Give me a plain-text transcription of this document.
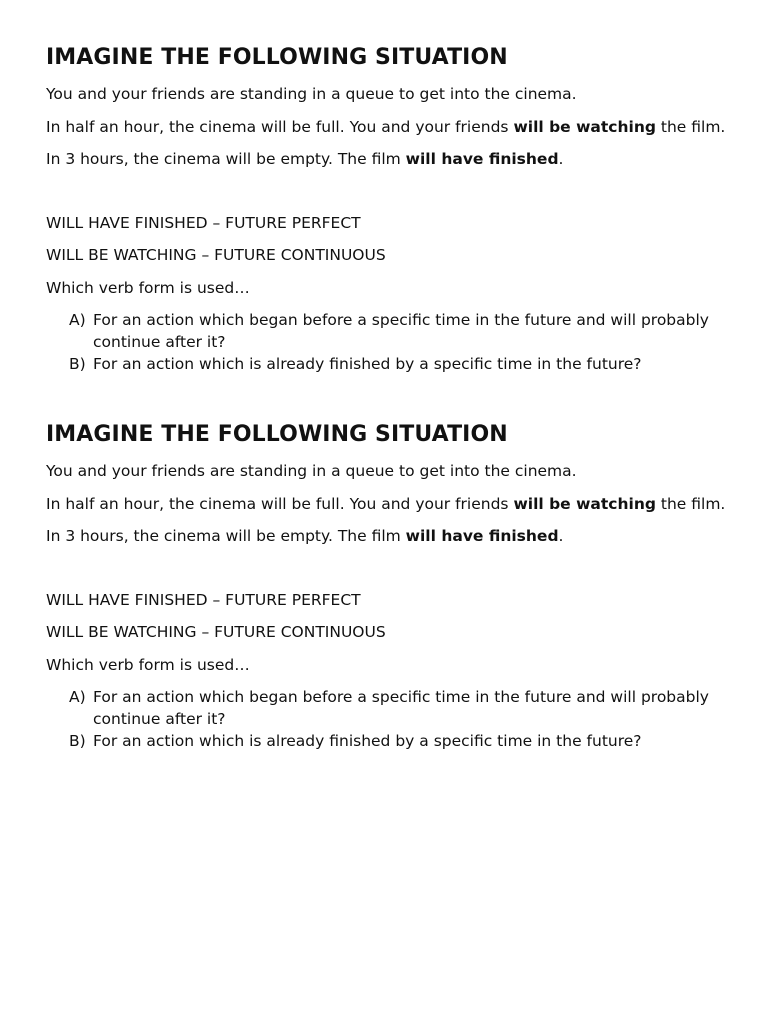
IMAGINE THE FOLLOWING SITUATION

You and your friends are standing in a queue to get into the cinema.

In half an hour, the cinema will be full. You and your friends will be watching the film.

In 3 hours, the cinema will be empty. The film will have finished.

WILL HAVE FINISHED – FUTURE PERFECT

WILL BE WATCHING – FUTURE CONTINUOUS

Which verb form is used…

A) For an action which began before a specific time in the future and will probably continue after it?
B) For an action which is already finished by a specific time in the future?
IMAGINE THE FOLLOWING SITUATION

You and your friends are standing in a queue to get into the cinema.

In half an hour, the cinema will be full. You and your friends will be watching the film.

In 3 hours, the cinema will be empty. The film will have finished.

WILL HAVE FINISHED – FUTURE PERFECT

WILL BE WATCHING – FUTURE CONTINUOUS

Which verb form is used…

A) For an action which began before a specific time in the future and will probably continue after it?
B) For an action which is already finished by a specific time in the future?
